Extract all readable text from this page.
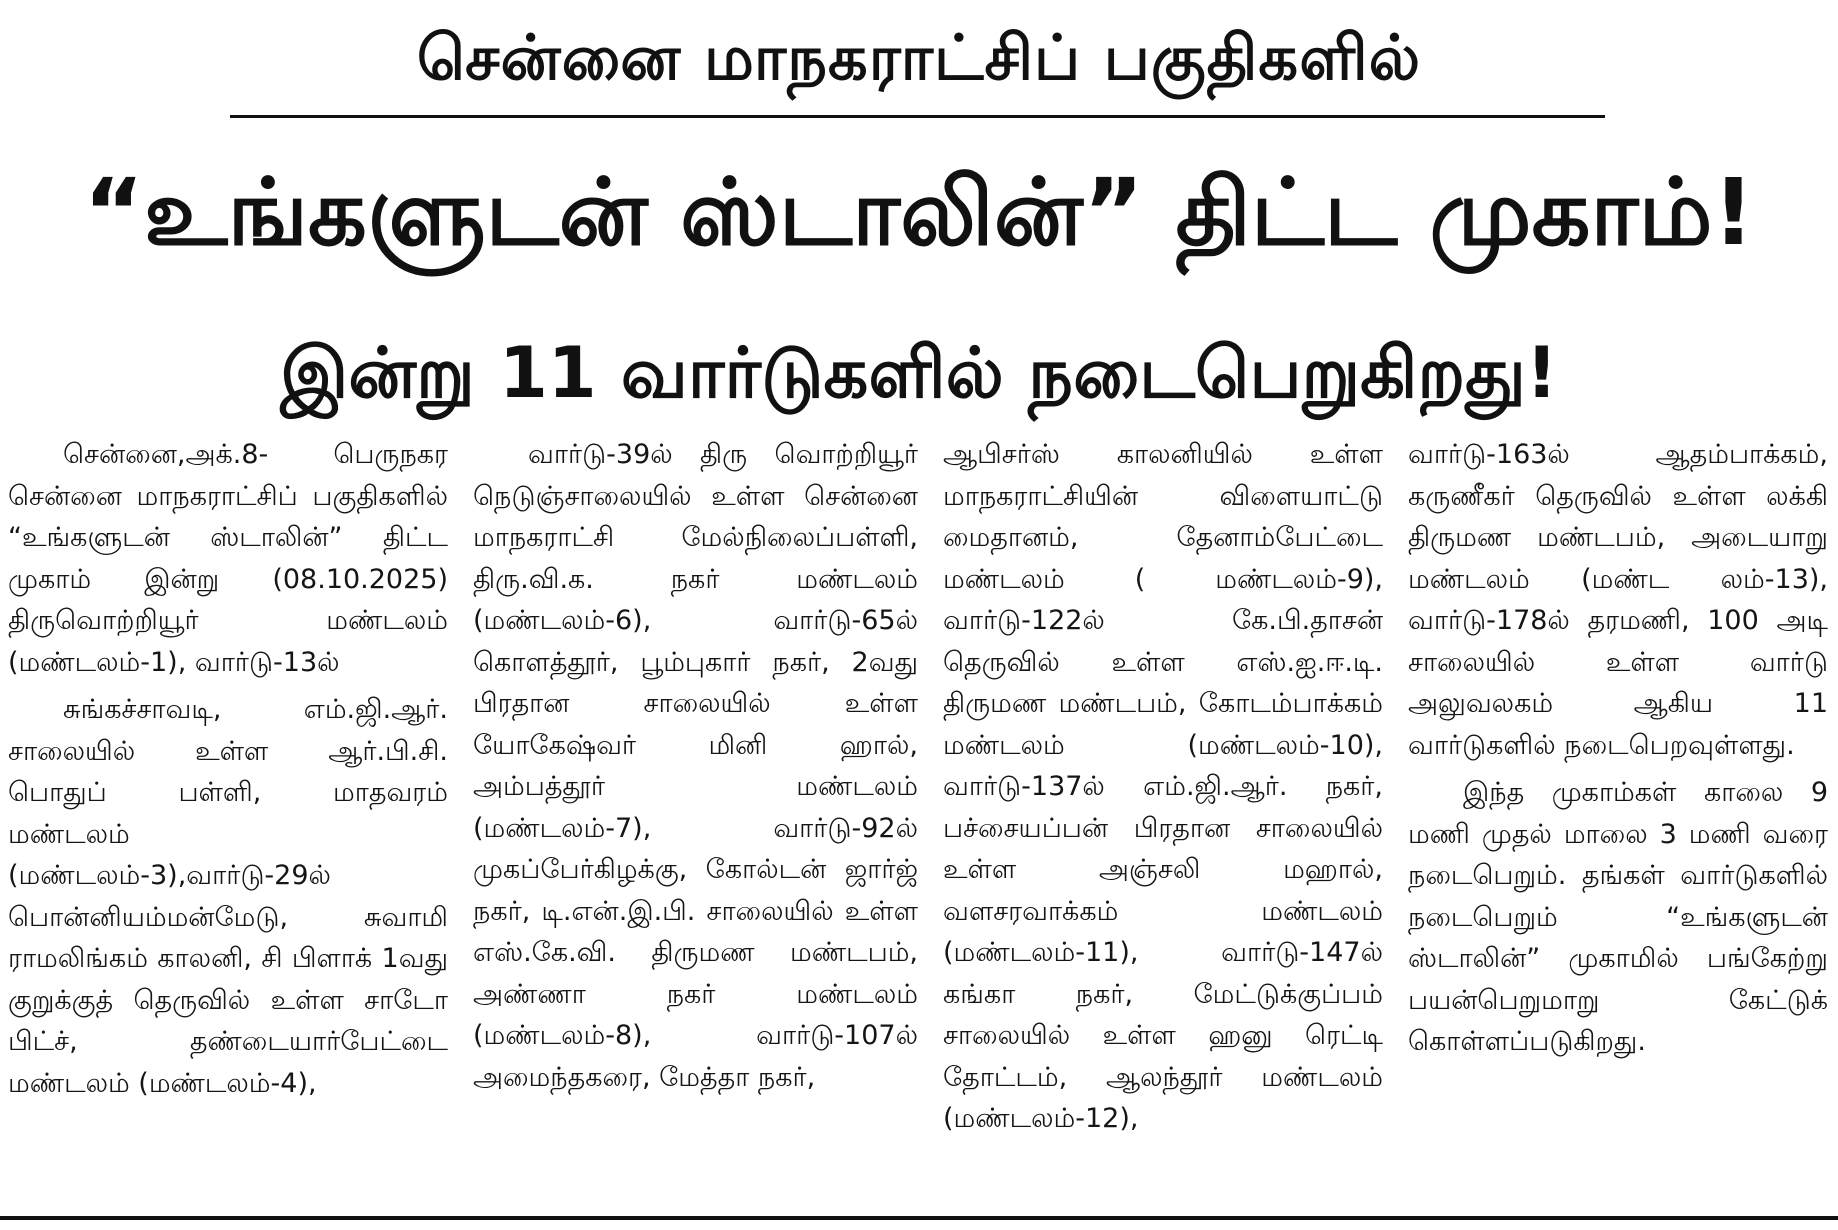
சென்னை மாநகராட்சிப் பகுதிகளில்
“உங்களுடன் ஸ்டாலின்” திட்ட முகாம்!
இன்று 11 வார்டுகளில் நடைபெறுகிறது!

சென்னை,அக்.8- பெருநகர சென்னை மாநகராட்சிப் பகுதிகளில் “உங்களுடன் ஸ்டாலின்” திட்ட முகாம் இன்று (08.10.2025) திருவொற்றியூர் மண்டலம் (மண்டலம்-1), வார்டு-13ல்

சுங்கச்சாவடி, எம்.ஜி.ஆர். சாலையில் உள்ள ஆர்.பி.சி. பொதுப் பள்ளி, மாதவரம் மண்டலம் (மண்டலம்-3),வார்டு-29ல் பொன்னியம்மன்மேடு, சுவாமி ராமலிங்கம் காலனி, சி பிளாக் 1வது குறுக்குத் தெருவில் உள்ள சாடோ பிட்ச், தண்டையார்பேட்டை மண்டலம் (மண்டலம்-4),

வார்டு-39ல் திரு வொற்றியூர் நெடுஞ்சாலையில் உள்ள சென்னை மாநகராட்சி மேல்நிலைப்பள்ளி, திரு.வி.க. நகர் மண்டலம் (மண்டலம்-6), வார்டு-65ல் கொளத்தூர், பூம்புகார் நகர், 2வது பிரதான சாலையில் உள்ள யோகேஷ்வர் மினி ஹால், அம்பத்தூர் மண்டலம் (மண்டலம்-7), வார்டு-92ல் முகப்பேர்கிழக்கு, கோல்டன் ஜார்ஜ் நகர், டி.என்.இ.பி. சாலையில் உள்ள எஸ்.கே.வி. திருமண மண்டபம், அண்ணா நகர் மண்டலம் (மண்டலம்-8), வார்டு-107ல் அமைந்தகரை, மேத்தா நகர்,

ஆபிசர்ஸ் காலனியில் உள்ள மாநகராட்சியின் விளையாட்டு மைதானம், தேனாம்பேட்டை மண்டலம் ( மண்டலம்-9), வார்டு-122ல் கே.பி.தாசன் தெருவில் உள்ள எஸ்.ஐ.ஈ.டி. திருமண மண்டபம், கோடம்பாக்கம் மண்டலம் (மண்டலம்-10), வார்டு-137ல் எம்.ஜி.ஆர். நகர், பச்சையப்பன் பிரதான சாலையில் உள்ள அஞ்சலி மஹால், வளசரவாக்கம் மண்டலம் (மண்டலம்-11), வார்டு-147ல் கங்கா நகர், மேட்டுக்குப்பம் சாலையில் உள்ள ஹனு ரெட்டி தோட்டம், ஆலந்தூர் மண்டலம் (மண்டலம்-12),

வார்டு-163ல் ஆதம்பாக்கம், கருணீகர் தெருவில் உள்ள லக்கி திருமண மண்டபம், அடையாறு மண்டலம் (மண்ட லம்-13), வார்டு-178ல் தரமணி, 100 அடி சாலையில் உள்ள வார்டு அலுவலகம் ஆகிய 11 வார்டுகளில் நடைபெறவுள்ளது.

இந்த முகாம்கள் காலை 9 மணி முதல் மாலை 3 மணி வரை நடைபெறும். தங்கள் வார்டுகளில் நடைபெறும் “உங்களுடன் ஸ்டாலின்” முகாமில் பங்கேற்று பயன்பெறுமாறு கேட்டுக் கொள்ளப்படுகிறது.
